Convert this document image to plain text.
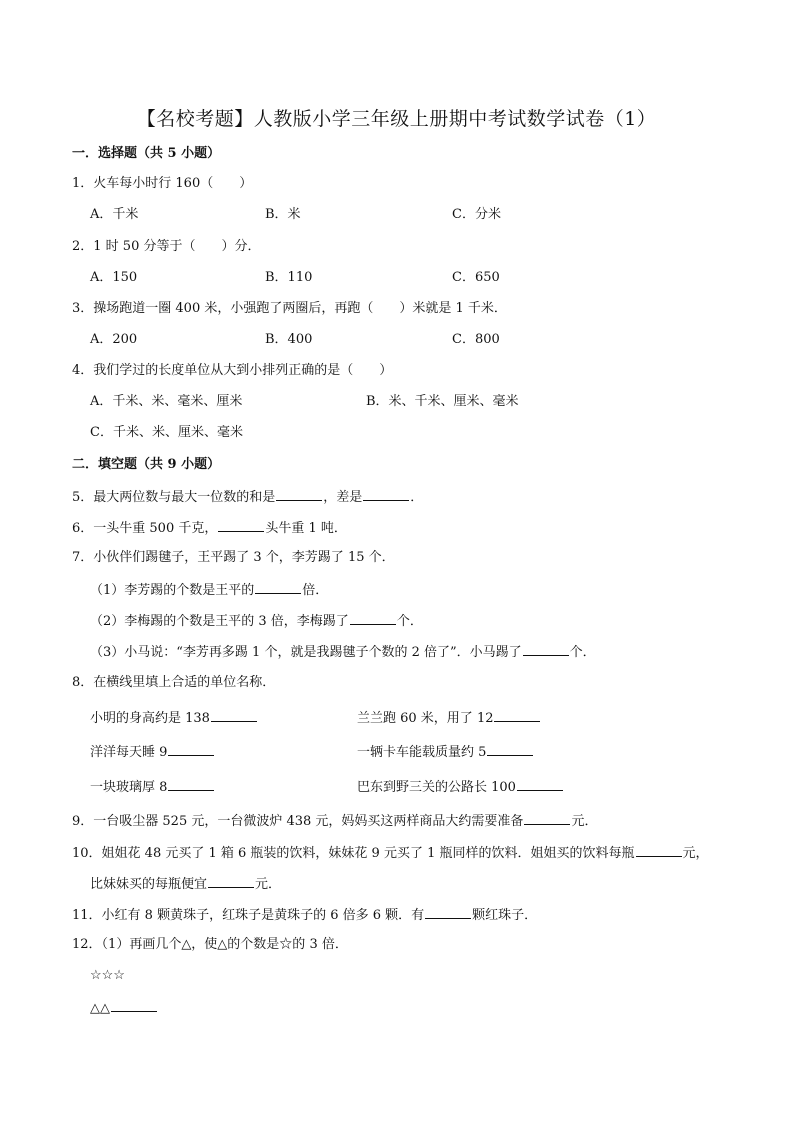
【名校考题】人教版小学三年级上册期中考试数学试卷（1）
一．选择题（共 5 小题）
1．火车每小时行 160（　　）
A．千米	B．米	C．分米
2．1 时 50 分等于（　　）分．
A．150	B．110	C．650
3．操场跑道一圈 400 米，小强跑了两圈后，再跑（　　）米就是 1 千米．
A．200	B．400	C．800
4．我们学过的长度单位从大到小排列正确的是（　　）
A．千米、米、毫米、厘米	B．米、千米、厘米、毫米
C．千米、米、厘米、毫米
二．填空题（共 9 小题）
5．最大两位数与最大一位数的和是	，差是	．
6．一头牛重 500 千克，	头牛重 1 吨．
7．小伙伴们踢毽子，王平踢了 3 个，李芳踢了 15 个．
（1）李芳踢的个数是王平的	倍．
（2）李梅踢的个数是王平的 3 倍，李梅踢了	个．
（3）小马说：“李芳再多踢 1 个，就是我踢毽子个数的 2 倍了”．小马踢了	个．
8．在横线里填上合适的单位名称．
小明的身高约是 138	兰兰跑 60 米，用了 12
洋洋每天睡 9	一辆卡车能载质量约 5
一块玻璃厚 8	巴东到野三关的公路长 100
9．一台吸尘器 525 元，一台微波炉 438 元，妈妈买这两样商品大约需要准备	元．
10．姐姐花 48 元买了 1 箱 6 瓶装的饮料，妹妹花 9 元买了 1 瓶同样的饮料．姐姐买的饮料每瓶	元，
比妹妹买的每瓶便宜	元．
11．小红有 8 颗黄珠子，红珠子是黄珠子的 6 倍多 6 颗．有	颗红珠子．
12．（1）再画几个△，使△的个数是☆的 3 倍．
☆☆☆
△△
